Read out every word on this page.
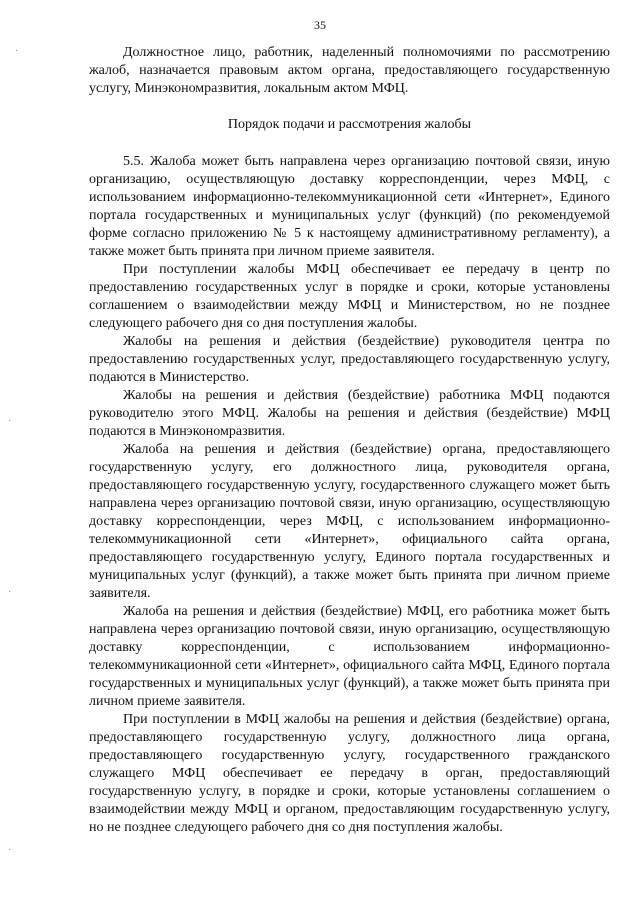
35
·
·
·
·

Должностное лицо, работник, наделенный полномочиями по рассмотрению жалоб, назначается правовым актом органа, предоставляющего государственную услугу, Минэкономразвития, локальным актом МФЦ.

Порядок подачи и рассмотрения жалобы

5.5. Жалоба может быть направлена через организацию почтовой связи, иную организацию, осуществляющую доставку корреспонденции, через МФЦ, с использованием информационно-телекоммуникационной сети «Интернет», Единого портала государственных и муниципальных услуг (функций) (по рекомендуемой форме согласно приложению № 5 к настоящему административному регламенту), а также может быть принята при личном приеме заявителя.

При поступлении жалобы МФЦ обеспечивает ее передачу в центр по предоставлению государственных услуг в порядке и сроки, которые установлены соглашением о взаимодействии между МФЦ и Министерством, но не позднее следующего рабочего дня со дня поступления жалобы.

Жалобы на решения и действия (бездействие) руководителя центра по предоставлению государственных услуг, предоставляющего государственную услугу, подаются в Министерство.

Жалобы на решения и действия (бездействие) работника МФЦ подаются руководителю этого МФЦ. Жалобы на решения и действия (бездействие) МФЦ подаются в Минэкономразвития.

Жалоба на решения и действия (бездействие) органа, предоставляющего государственную услугу, его должностного лица, руководителя органа, предоставляющего государственную услугу, государственного служащего может быть направлена через организацию почтовой связи, иную организацию, осуществляющую доставку корреспонденции, через МФЦ, с использованием информационно-телекоммуникационной сети «Интернет», официального сайта органа, предоставляющего государственную услугу, Единого портала государственных и муниципальных услуг (функций), а также может быть принята при личном приеме заявителя.

Жалоба на решения и действия (бездействие) МФЦ, его работника может быть направлена через организацию почтовой связи, иную организацию, осуществляющую доставку корреспонденции, с использованием информационно-телекоммуникационной сети «Интернет», официального сайта МФЦ, Единого портала государственных и муниципальных услуг (функций), а также может быть принята при личном приеме заявителя.

При поступлении в МФЦ жалобы на решения и действия (бездействие) органа, предоставляющего государственную услугу, должностного лица органа, предоставляющего государственную услугу, государственного гражданского служащего МФЦ обеспечивает ее передачу в орган, предоставляющий государственную услугу, в порядке и сроки, которые установлены соглашением о взаимодействии между МФЦ и органом, предоставляющим государственную услугу, но не позднее следующего рабочего дня со дня поступления жалобы.
